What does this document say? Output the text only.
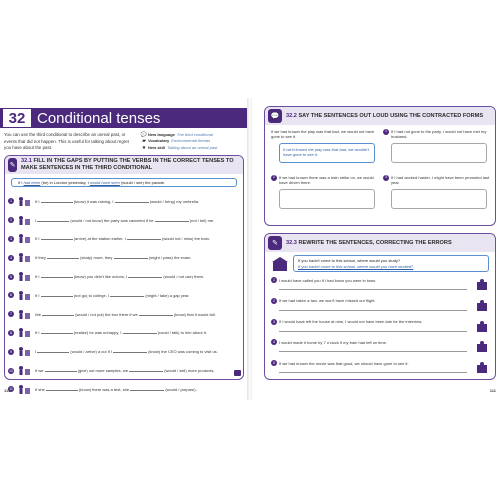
32 Conditional tenses
You can use the third conditional to describe an unreal past, or events that did not happen. This is useful for talking about regret you have about the past.
💬 New language The third conditional
▰ Vocabulary Environmental threats
★ New skill Talking about an unreal past
✎
32.1 FILL IN THE GAPS BY PUTTING THE VERBS IN THE CORRECT TENSES TO MAKE SENTENCES IN THE THIRD CONDITIONAL
If I
had been
(be) in London yesterday, I
would have seen
(would / see) the parade.
1	If I	(know) it was raining, I	(would / bring) my umbrella.
2	I	(would / not know) the party was canceled if he	(not / tell) me.
3	If I	(arrive) at the station earlier, I	(would not / miss) the train.
4	If they	(study) more, they	(might / pass) the exam.
5	If I	(know) you didn't like onions, I	(would / not use) them.
6	If I	(not go) to college, I	(might / take) a gap year.
7	We	(would / not put) the box there if we	(know) that it would fall.
8	If I	(realize) he was unhappy, I	(could / talk) to him about it.
9	I	(would / arrive) a cut if I	(know) the CEO was coming to visit us.
10	If we	(give) out more samples, we	(would / sell) more products.
11	If she	(know) there was a test, she	(would / prepare).
110
💬	32.2 SAY THE SENTENCES OUT LOUD USING THE CONTRACTED FORMS
If we had known the play was that bad, we would not have gone to see it.
If we'd known the play was that bad, we wouldn't have gone to see it.
1	If I had not gone to the party, I would not have met my husband.
2	If we had known there was a train strike on, we would have driven there.
3	If I had worked harder, I might have been promoted last year.
✎	32.3 REWRITE THE SENTENCES, CORRECTING THE ERRORS
If you hadn't come to this school, where would you study?
If you hadn't come to this school, where would you have studied?
1	I would have called you if I had know you were in town.
2	If we had taken a taxi, we won't have missed our flight.
3	If I would have left the house at nine, I would not have been late for the interview.
4	I would made it home by 7 o'clock if my train had left on time.
5	If we had known the movie was that good, we should have gone to see it.
111
